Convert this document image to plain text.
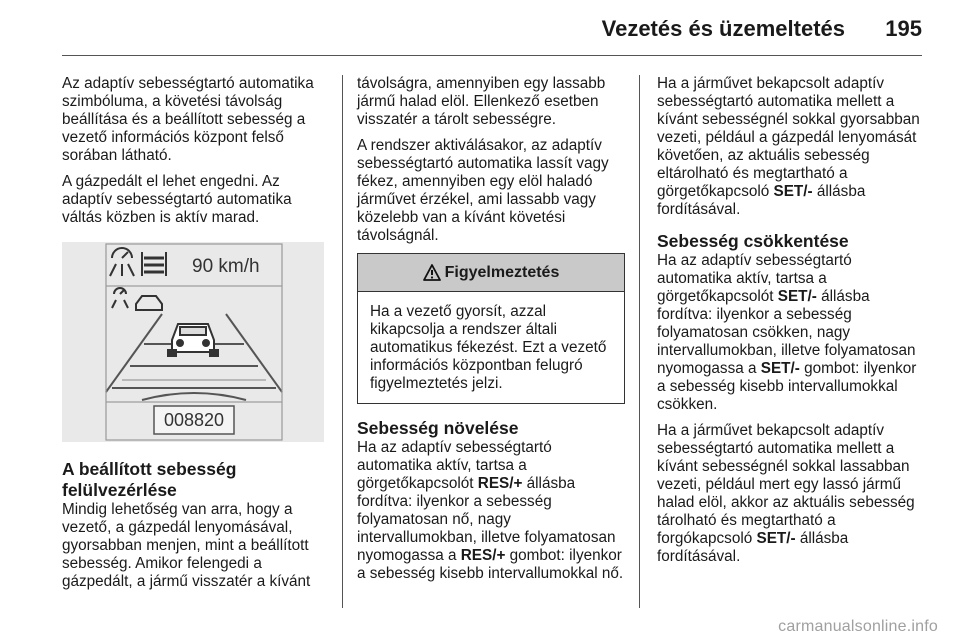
Vezetés és üzemeltetés 195

Az adaptív sebességtartó automatika szimbóluma, a követési távolság beállítása és a beállított sebesség a vezető információs központ felső sorában látható.

A gázpedált el lehet engedni. Az adaptív sebességtartó automatika váltás közben is aktív marad.

A beállított sebesség felülvezérlése

Mindig lehetőség van arra, hogy a vezető, a gázpedál lenyomásával, gyorsabban menjen, mint a beállított sebesség. Amikor felengedi a gázpedált, a jármű visszatér a kívánt

90 km/h
008820

távolságra, amennyiben egy lassabb jármű halad elöl. Ellenkező esetben visszatér a tárolt sebességre.

A rendszer aktiválásakor, az adaptív sebességtartó automatika lassít vagy fékez, amennyiben egy elöl haladó járművet érzékel, ami lassabb vagy közelebb van a kívánt követési távolságnál.

Figyelmeztetés
Ha a vezető gyorsít, azzal kikapcsolja a rendszer általi automatikus fékezést. Ezt a vezető információs központban felugró figyelmeztetés jelzi.
Sebesség növelése

Ha az adaptív sebességtartó automatika aktív, tartsa a görgetőkapcsolót RES/+ állásba fordítva: ilyenkor a sebesség folyamatosan nő, nagy intervallumokban, illetve folyamatosan nyomogassa a RES/+ gombot: ilyenkor a sebesség kisebb intervallumokkal nő.

Ha a járművet bekapcsolt adaptív sebességtartó automatika mellett a kívánt sebességnél sokkal gyorsabban vezeti, például a gázpedál lenyomását követően, az aktuális sebesség eltárolható és megtartható a görgetőkapcsoló SET/- állásba fordításával.

Sebesség csökkentése

Ha az adaptív sebességtartó automatika aktív, tartsa a görgetőkapcsolót SET/- állásba fordítva: ilyenkor a sebesség folyamatosan csökken, nagy intervallumokban, illetve folyamatosan nyomogassa a SET/- gombot: ilyenkor a sebesség kisebb intervallumokkal csökken.

Ha a járművet bekapcsolt adaptív sebességtartó automatika mellett a kívánt sebességnél sokkal lassabban vezeti, például mert egy lassó jármű halad elöl, akkor az aktuális sebesség tárolható és megtartható a forgókapcsoló SET/- állásba fordításával.

carmanualsonline.info
